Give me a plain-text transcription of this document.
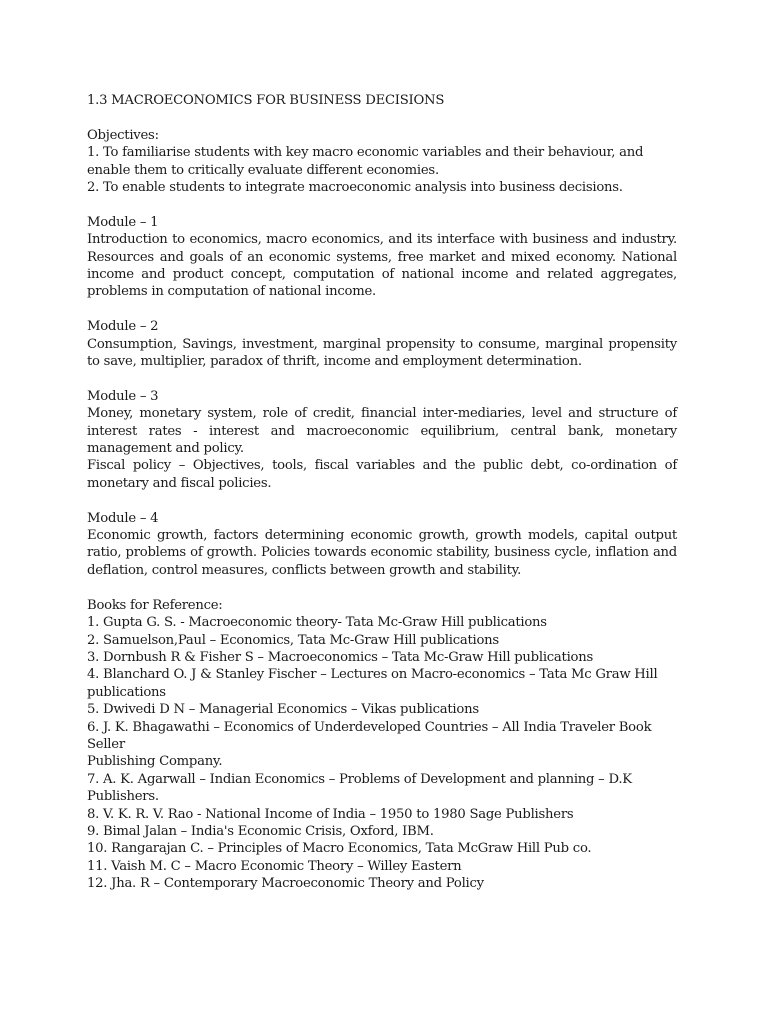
1.3 MACROECONOMICS FOR BUSINESS DECISIONS

Objectives:

1. To familiarise students with key macro economic variables and their behaviour, and enable them to critically evaluate different economies.

2. To enable students to integrate macroeconomic analysis into business decisions.

Module – 1

Introduction to economics, macro economics, and its interface with business and industry. Resources and goals of an economic systems, free market and mixed economy. National income and product concept, computation of national income and related aggregates, problems in computation of national income.

Module – 2

Consumption, Savings, investment, marginal propensity to consume, marginal propensity to save, multiplier, paradox of thrift, income and employment determination.

Module – 3

Money, monetary system, role of credit, financial inter-mediaries, level and structure of interest rates - interest and macroeconomic equilibrium, central bank, monetary management and policy.

Fiscal policy – Objectives, tools, fiscal variables and the public debt, co-ordination of monetary and fiscal policies.

Module – 4

Economic growth, factors determining economic growth, growth models, capital output ratio, problems of growth. Policies towards economic stability, business cycle, inflation and deflation, control measures, conflicts between growth and stability.

Books for Reference:

1. Gupta G. S. - Macroeconomic theory- Tata Mc-Graw Hill publications

2. Samuelson,Paul – Economics, Tata Mc-Graw Hill publications

3. Dornbush R & Fisher S – Macroeconomics – Tata Mc-Graw Hill publications

4. Blanchard O. J & Stanley Fischer – Lectures on Macro-economics – Tata Mc Graw Hill

publications

5. Dwivedi D N – Managerial Economics – Vikas publications

6. J. K. Bhagawathi – Economics of Underdeveloped Countries – All India Traveler Book Seller

Publishing Company.

7. A. K. Agarwall – Indian Economics – Problems of Development and planning – D.K Publishers.

8. V. K. R. V. Rao - National Income of India – 1950 to 1980 Sage Publishers

9. Bimal Jalan – India's Economic Crisis, Oxford, IBM.

10. Rangarajan C. – Principles of Macro Economics, Tata McGraw Hill Pub co.

11. Vaish M. C – Macro Economic Theory – Willey Eastern

12. Jha. R – Contemporary Macroeconomic Theory and Policy
